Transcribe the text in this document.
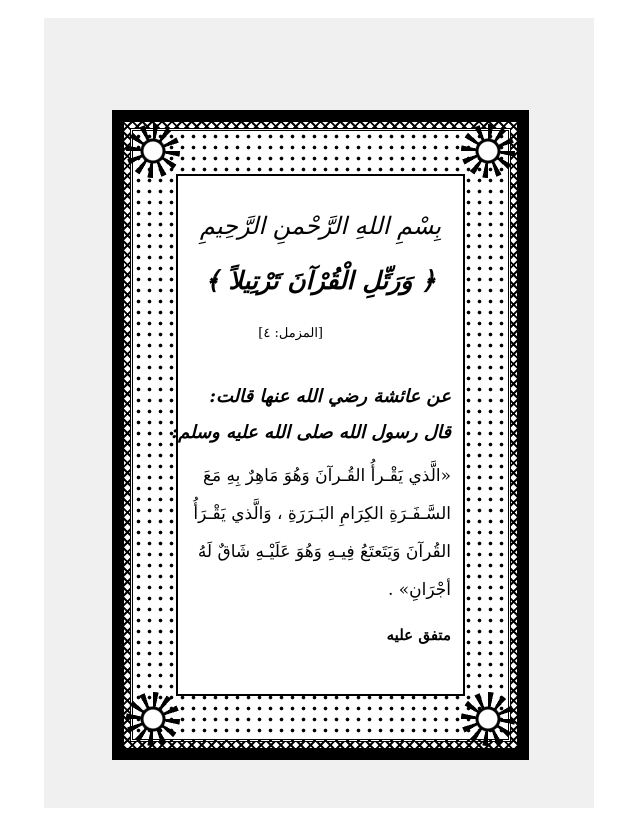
بِسْمِ اللهِ الرَّحْمنِ الرَّحِيمِ
﴿ وَرَتِّلِ الْقُرْآنَ تَرْتِيلاً ﴾
[المزمل: ٤]
عن عائشة رضي الله عنها قالت:
قال رسول الله صلى الله عليه وسلم:
«الَّذي يَقْـرأُ القُـرآنَ وَهُوَ مَاهِرٌ بِهِ مَعَ
السَّـفَـرَةِ الكِرَامِ البَـرَرَةِ ، وَالَّذي يَقْـرَأُ
القُرآنَ وَيَتَعتَعُ فِيـهِ وَهُوَ عَلَيْـهِ شَاقٌ لَهُ
أجْرَانِ» .
متفق عليه
